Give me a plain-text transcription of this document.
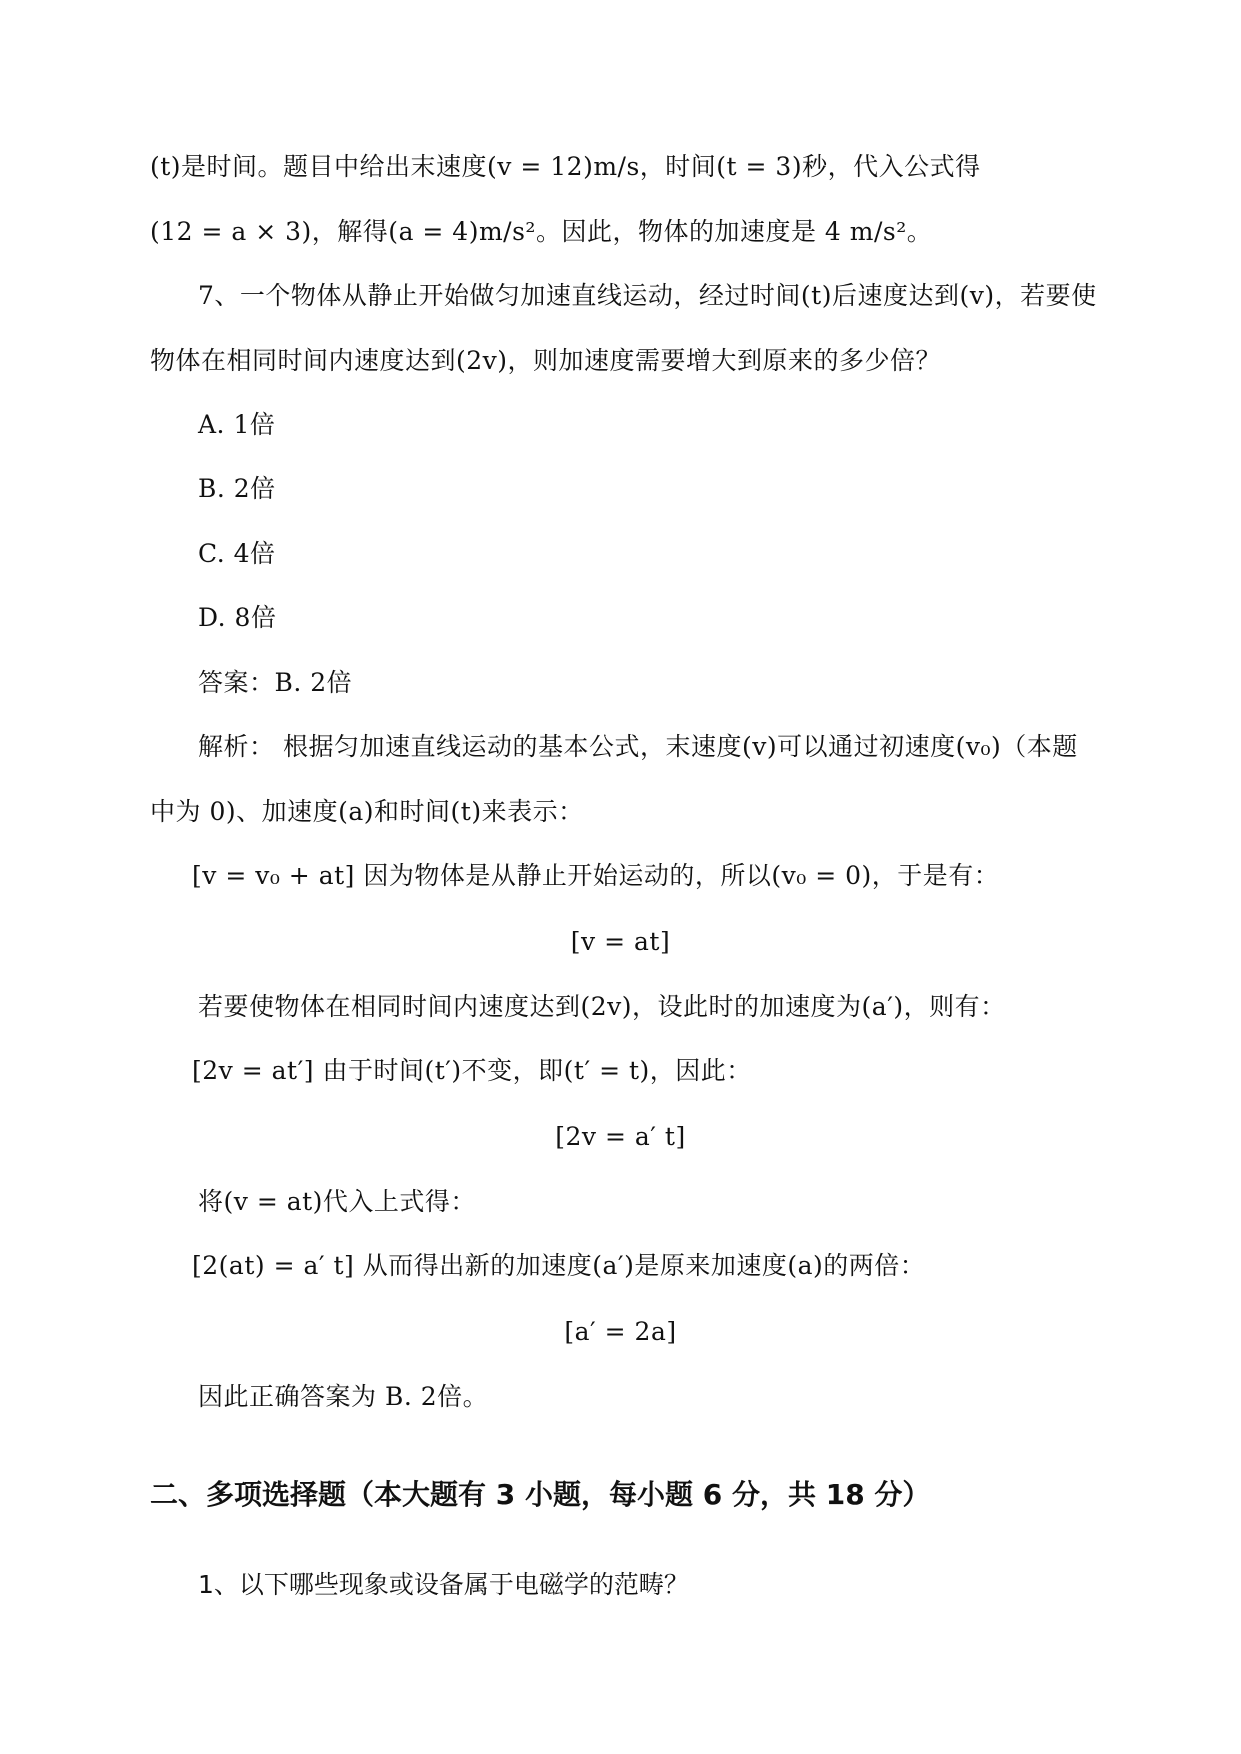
(t)是时间。题目中给出末速度(v = 12)m/s，时间(t = 3)秒，代入公式得
(12 = a × 3)，解得(a = 4)m/s²。因此，物体的加速度是 4 m/s²。
7、一个物体从静止开始做匀加速直线运动，经过时间(t)后速度达到(v)，若要使
物体在相同时间内速度达到(2v)，则加速度需要增大到原来的多少倍？
A. 1倍
B. 2倍
C. 4倍
D. 8倍
答案：B. 2倍
解析： 根据匀加速直线运动的基本公式，末速度(v)可以通过初速度(v₀)（本题
中为 0)、加速度(a)和时间(t)来表示：
[v = v₀ + at] 因为物体是从静止开始运动的，所以(v₀ = 0)，于是有：
[v = at]
若要使物体在相同时间内速度达到(2v)，设此时的加速度为(a′)，则有：
[2v = at′] 由于时间(t′)不变，即(t′ = t)，因此：
[2v = a′ t]
将(v = at)代入上式得：
[2(at) = a′ t] 从而得出新的加速度(a′)是原来加速度(a)的两倍：
[a′ = 2a]
因此正确答案为 B. 2倍。
二、多项选择题（本大题有 3 小题，每小题 6 分，共 18 分）
1、以下哪些现象或设备属于电磁学的范畴？
